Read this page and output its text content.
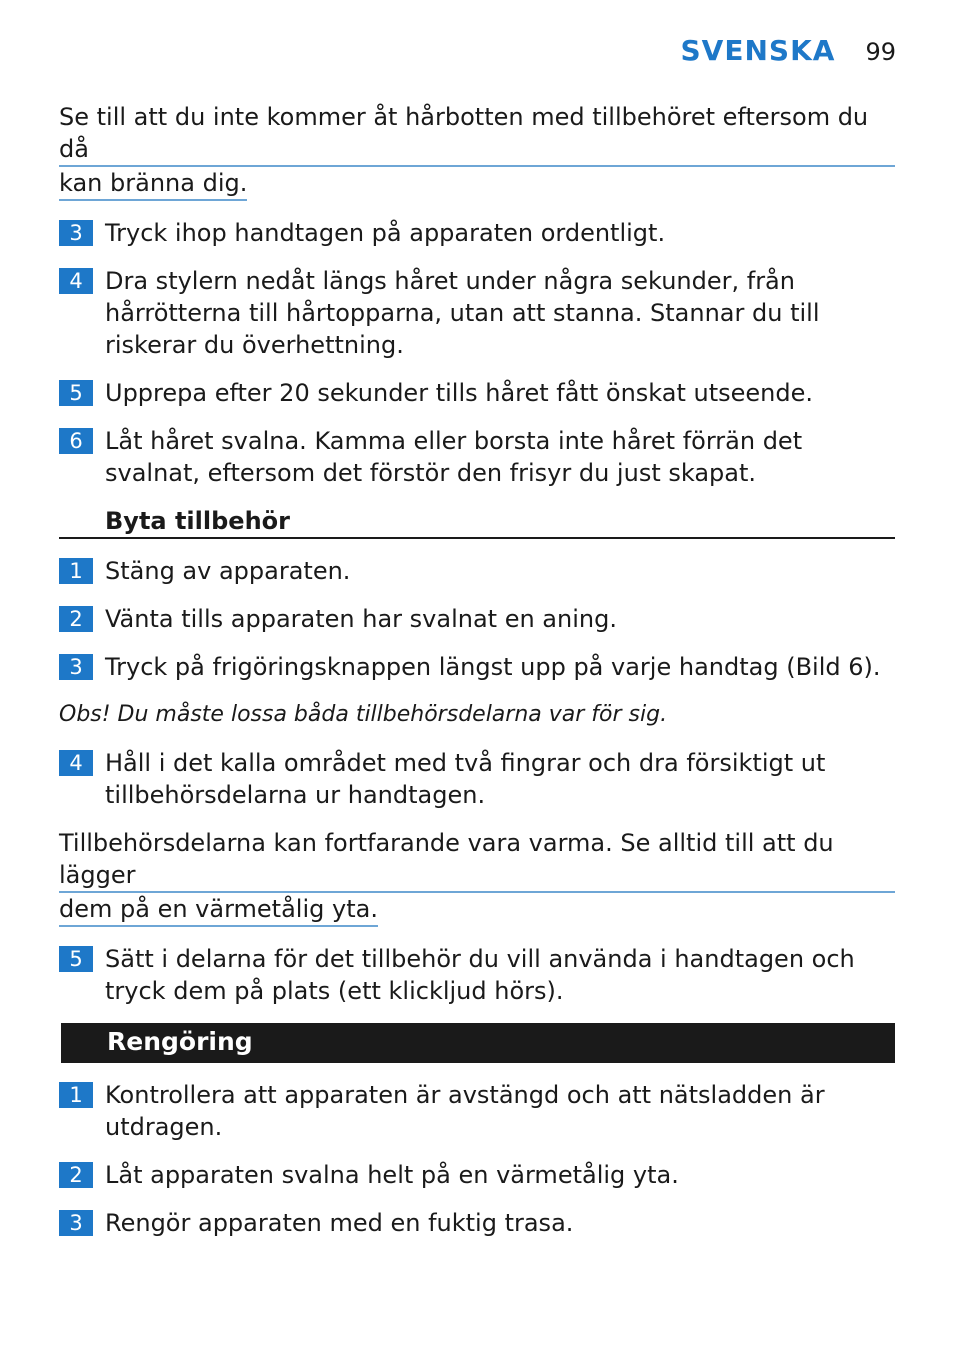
SVENSKA 99
Se till att du inte kommer åt hårbotten med tillbehöret eftersom du då
kan bränna dig.
3 Tryck ihop handtagen på apparaten ordentligt.
4 Dra stylern nedåt längs håret under några sekunder, från hårrötterna till hårtopparna, utan att stanna. Stannar du till riskerar du överhettning.
5 Upprepa efter 20 sekunder tills håret fått önskat utseende.
6 Låt håret svalna. Kamma eller borsta inte håret förrän det svalnat, eftersom det förstör den frisyr du just skapat.
Byta tillbehör
1 Stäng av apparaten.
2 Vänta tills apparaten har svalnat en aning.
3 Tryck på frigöringsknappen längst upp på varje handtag (Bild 6).
Obs! Du måste lossa båda tillbehörsdelarna var för sig.
4 Håll i det kalla området med två fingrar och dra försiktigt ut tillbehörsdelarna ur handtagen.
Tillbehörsdelarna kan fortfarande vara varma. Se alltid till att du lägger
dem på en värmetålig yta.
5 Sätt i delarna för det tillbehör du vill använda i handtagen och tryck dem på plats (ett klickljud hörs).
Rengöring
1 Kontrollera att apparaten är avstängd och att nätsladden är utdragen.
2 Låt apparaten svalna helt på en värmetålig yta.
3 Rengör apparaten med en fuktig trasa.
